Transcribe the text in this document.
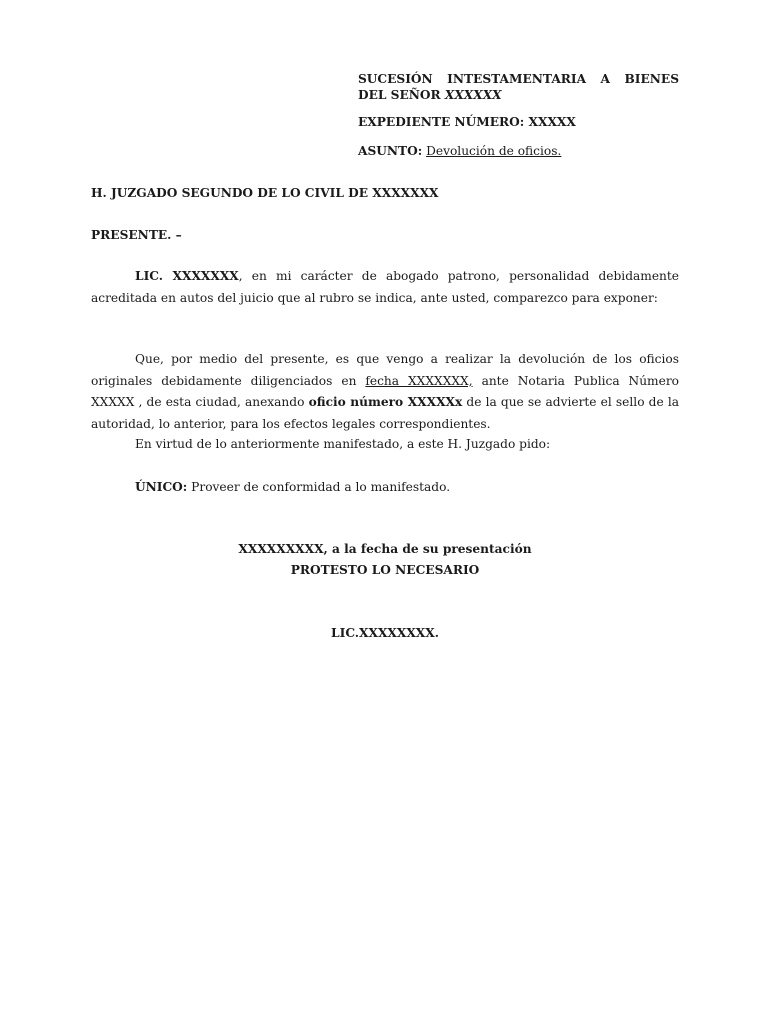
SUCESIÓN INTESTAMENTARIA A BIENES
DEL SEÑOR XXXXXX
EXPEDIENTE NÚMERO: XXXXX
ASUNTO: Devolución de oficios.
H. JUZGADO SEGUNDO DE LO CIVIL DE XXXXXXX
PRESENTE. –
LIC. XXXXXXX, en mi carácter de abogado patrono, personalidad debidamente acreditada en autos del juicio que al rubro se indica, ante usted, comparezco para exponer:
Que, por medio del presente, es que vengo a realizar la devolución de los oficios originales debidamente diligenciados en fecha XXXXXXX, ante Notaria Publica Número XXXXX , de esta ciudad, anexando oficio número XXXXXx de la que se advierte el sello de la autoridad, lo anterior, para los efectos legales correspondientes.
En virtud de lo anteriormente manifestado, a este H. Juzgado pido:
ÚNICO: Proveer de conformidad a lo manifestado.
XXXXXXXXX, a la fecha de su presentación
PROTESTO LO NECESARIO
LIC.XXXXXXXX.
